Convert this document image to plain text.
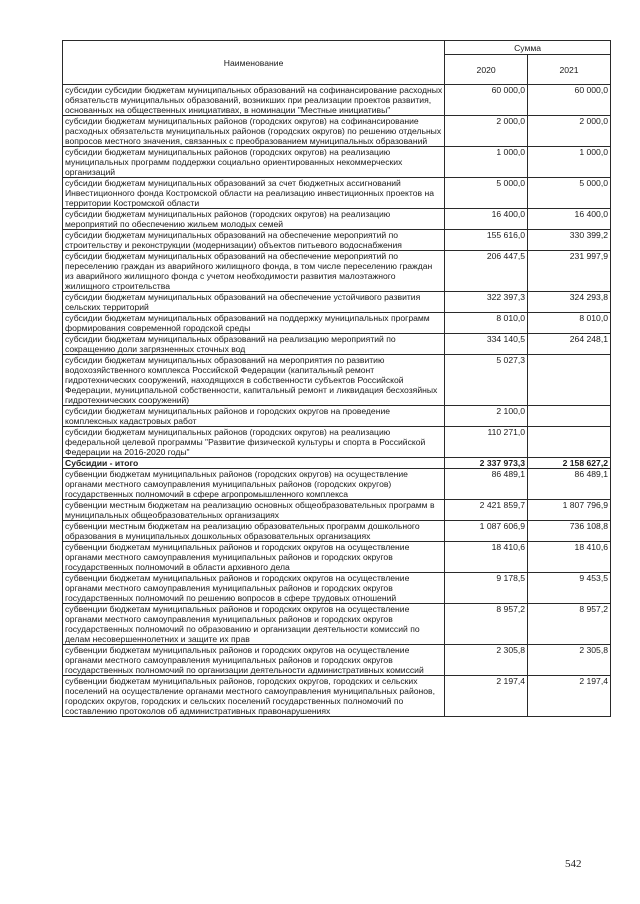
Наименование	Сумма	
	2020	2021
субсидии субсидии бюджетам муниципальных образований на софинансирование расходных обязательств муниципальных образований, возникших при реализации проектов развития, основанных на общественных инициативах, в номинации "Местные инициативы"	60 000,0	60 000,0
субсидии бюджетам муниципальных районов (городских округов) на софинансирование расходных обязательств муниципальных районов (городских округов) по решению отдельных вопросов местного значения, связанных с преобразованием муниципальных образований	2 000,0	2 000,0
субсидии бюджетам муниципальных районов (городских округов) на реализацию муниципальных программ поддержки социально ориентированных некоммерческих организаций	1 000,0	1 000,0
субсидии бюджетам муниципальных образований за счет бюджетных ассигнований Инвестиционного фонда Костромской области на реализацию инвестиционных проектов на территории Костромской области	5 000,0	5 000,0
субсидии бюджетам муниципальных районов (городских округов) на реализацию мероприятий по обеспечению жильем молодых семей	16 400,0	16 400,0
субсидии бюджетам муниципальных образований на обеспечение мероприятий по строительству и реконструкции (модернизации) объектов питьевого водоснабжения	155 616,0	330 399,2
субсидии бюджетам муниципальных образований на обеспечение мероприятий по переселению граждан из аварийного жилищного фонда, в том числе переселению граждан из аварийного жилищного фонда с учетом необходимости развития малоэтажного жилищного строительства	206 447,5	231 997,9
субсидии бюджетам муниципальных образований на обеспечение устойчивого развития сельских территорий	322 397,3	324 293,8
субсидии бюджетам муниципальных образований на поддержку муниципальных программ формирования современной городской среды	8 010,0	8 010,0
субсидии бюджетам муниципальных образований на реализацию мероприятий по сокращению доли загрязненных сточных вод	334 140,5	264 248,1
субсидии бюджетам муниципальных образований на мероприятия по развитию водохозяйственного комплекса Российской Федерации (капитальный ремонт гидротехнических сооружений, находящихся в собственности субъектов Российской Федерации, муниципальной собственности, капитальный ремонт и ликвидация бесхозяйных гидротехнических сооружений)	5 027,3	
субсидии бюджетам муниципальных районов и городских округов на проведение комплексных кадастровых работ	2 100,0	
субсидии бюджетам муниципальных районов (городских округов) на реализацию федеральной целевой программы "Развитие физической культуры и спорта в Российской Федерации на 2016-2020 годы"	110 271,0	
Субсидии - итого	2 337 973,3	2 158 627,2
субвенции бюджетам муниципальных районов (городских округов) на осуществление органами местного самоуправления муниципальных районов (городских округов) государственных полномочий в сфере агропромышленного комплекса	86 489,1	86 489,1
субвенции местным бюджетам на реализацию основных общеобразовательных программ в муниципальных общеобразовательных организациях	2 421 859,7	1 807 796,9
субвенции местным бюджетам на реализацию образовательных программ дошкольного образования в муниципальных дошкольных образовательных организациях	1 087 606,9	736 108,8
субвенции бюджетам муниципальных районов и городских округов на осуществление органами местного самоуправления муниципальных районов и городских округов государственных полномочий в области архивного дела	18 410,6	18 410,6
субвенции бюджетам муниципальных районов и городских округов на осуществление органами местного самоуправления муниципальных районов и городских округов государственных полномочий по решению вопросов в сфере трудовых отношений	9 178,5	9 453,5
субвенции бюджетам муниципальных районов и городских округов на осуществление органами местного самоуправления муниципальных районов и городских округов государственных полномочий по образованию и организации деятельности комиссий по делам несовершеннолетних и защите их прав	8 957,2	8 957,2
субвенции бюджетам муниципальных районов и городских округов на осуществление органами местного самоуправления муниципальных районов и городских округов государственных полномочий по организации деятельности административных комиссий	2 305,8	2 305,8
субвенции бюджетам муниципальных районов, городских округов, городских и сельских поселений на осуществление органами местного самоуправления муниципальных районов, городских округов, городских и сельских поселений государственных полномочий по составлению протоколов об административных правонарушениях	2 197,4	2 197,4
542
